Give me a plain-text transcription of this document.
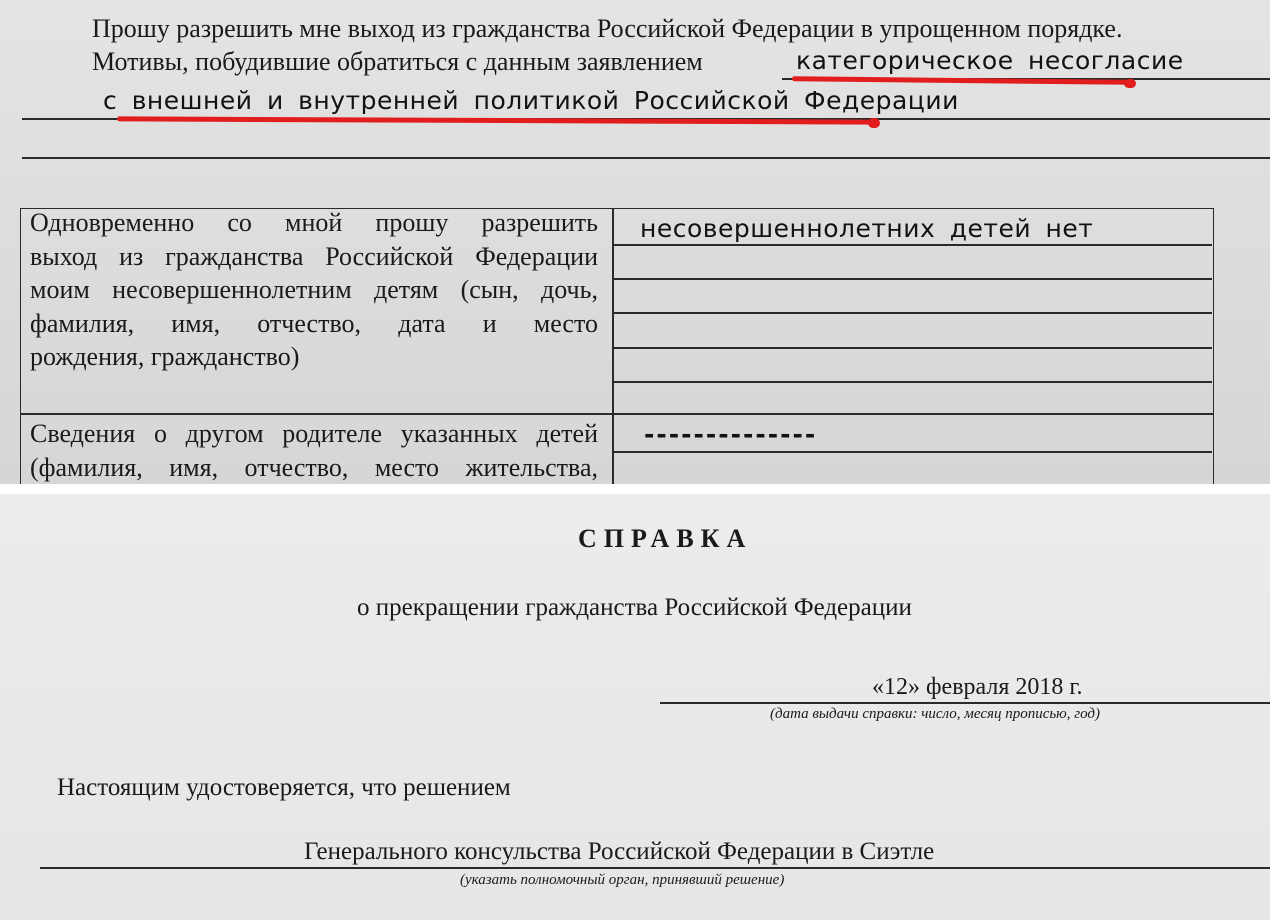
Прошу разрешить мне выход из гражданства Российской Федерации в упрощенном порядке.
Мотивы, побудившие обратиться с данным заявлением	категорическое несогласие
с внешней и внутренней политикой Российской Федерации
Одновременно со мной прошу разрешить
выход из гражданства Российской Федерации
моим несовершеннолетним детям (сын, дочь,
фамилия, имя, отчество, дата и место
рождения, гражданство)
Сведения о другом родителе указанных детей
(фамилия, имя, отчество, место жительства,
несовершеннолетних детей нет
--------------
СПРАВКА
о прекращении гражданства Российской Федерации
«12» февраля 2018 г.
(дата выдачи справки: число, месяц прописью, год)
Настоящим удостоверяется, что решением
Генерального консульства Российской Федерации в Сиэтле
(указать полномочный орган, принявший решение)
